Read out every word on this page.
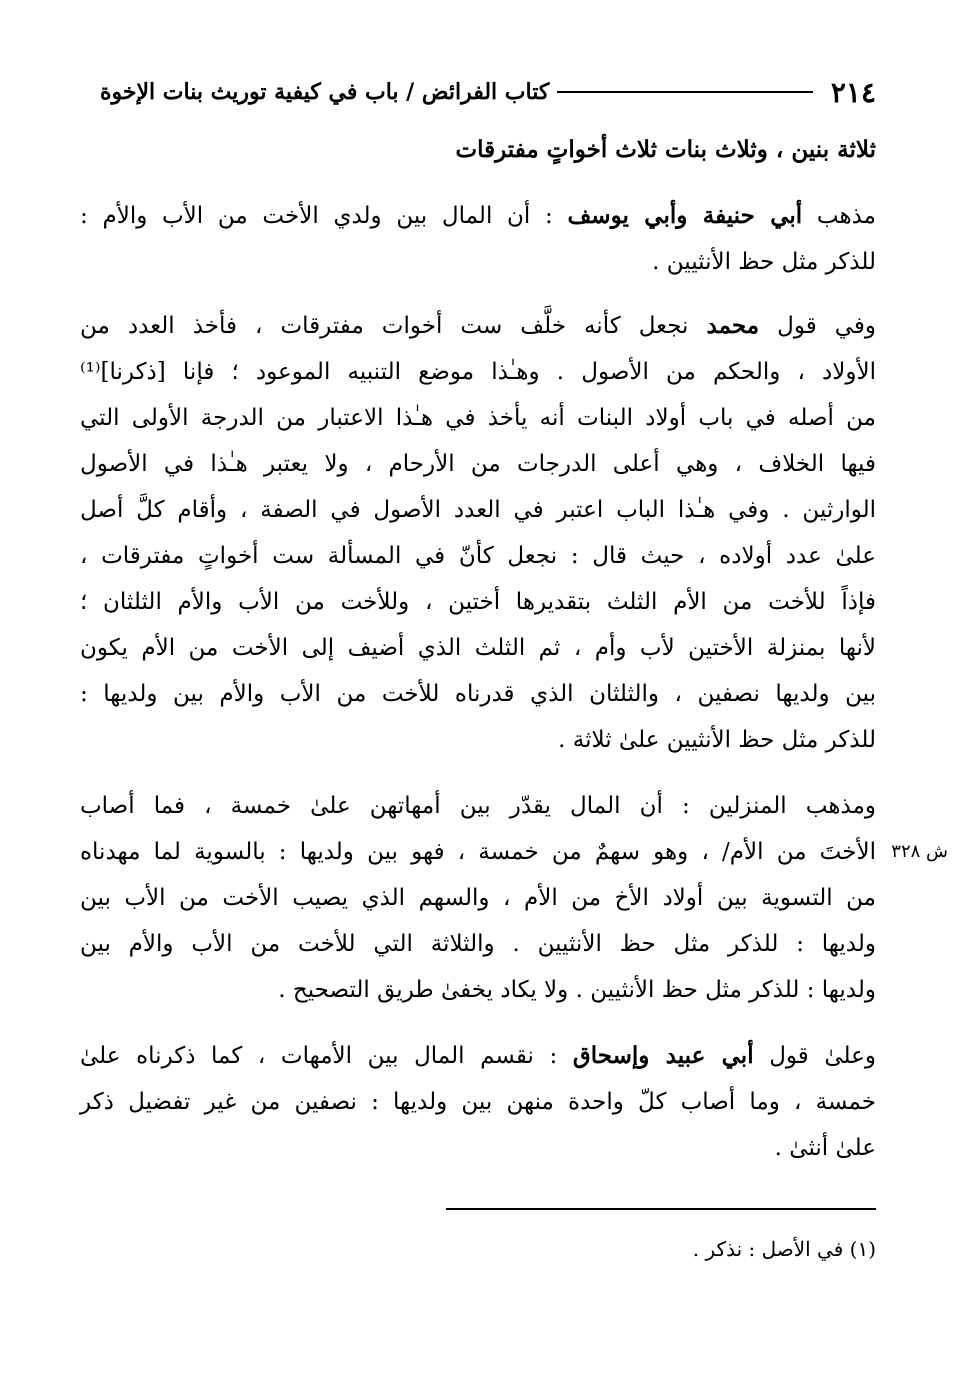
٢١٤
كتاب الفرائض / باب في كيفية توريث بنات الإخوة
ثلاثة بنين ، وثلاث بنات ثلاث أخواتٍ مفترقات
مذهب أبي حنيفة وأبي يوسف : أن المال بين ولدي الأخت من الأب والأم :
للذكر مثل حظ الأنثيين .
وفي قول محمد نجعل كأنه خلَّف ست أخوات مفترقات ، فأخذ العدد من
الأولاد ، والحكم من الأصول . وهـٰذا موضع التنبيه الموعود ؛ فإنا [ذكرنا]⁽¹⁾
من أصله في باب أولاد البنات أنه يأخذ في هـٰذا الاعتبار من الدرجة الأولى التي
فيها الخلاف ، وهي أعلى الدرجات من الأرحام ، ولا يعتبر هـٰذا في الأصول
الوارثين . وفي هـٰذا الباب اعتبر في العدد الأصول في الصفة ، وأقام كلَّ أصل
علىٰ عدد أولاده ، حيث قال : نجعل كأنّ في المسألة ست أخواتٍ مفترقات ،
فإذاً للأخت من الأم الثلث بتقديرها أختين ، وللأخت من الأب والأم الثلثان ؛
لأنها بمنزلة الأختين لأب وأم ، ثم الثلث الذي أضيف إلى الأخت من الأم يكون
بين ولديها نصفين ، والثلثان الذي قدرناه للأخت من الأب والأم بين ولديها :
للذكر مثل حظ الأنثيين علىٰ ثلاثة .
ومذهب المنزلين : أن المال يقدّر بين أمهاتهن علىٰ خمسة ، فما أصاب
ش ٣٢٨
الأختَ من الأم/ ، وهو سهمٌ من خمسة ، فهو بين ولديها : بالسوية لما مهدناه
من التسوية بين أولاد الأخ من الأم ، والسهم الذي يصيب الأخت من الأب بين
ولديها : للذكر مثل حظ الأنثيين . والثلاثة التي للأخت من الأب والأم بين
ولديها : للذكر مثل حظ الأنثيين . ولا يكاد يخفىٰ طريق التصحيح .
وعلىٰ قول أبي عبيد وإسحاق : نقسم المال بين الأمهات ، كما ذكرناه علىٰ
خمسة ، وما أصاب كلّ واحدة منهن بين ولديها : نصفين من غير تفضيل ذكر
علىٰ أنثىٰ .
(١) في الأصل : نذكر .
